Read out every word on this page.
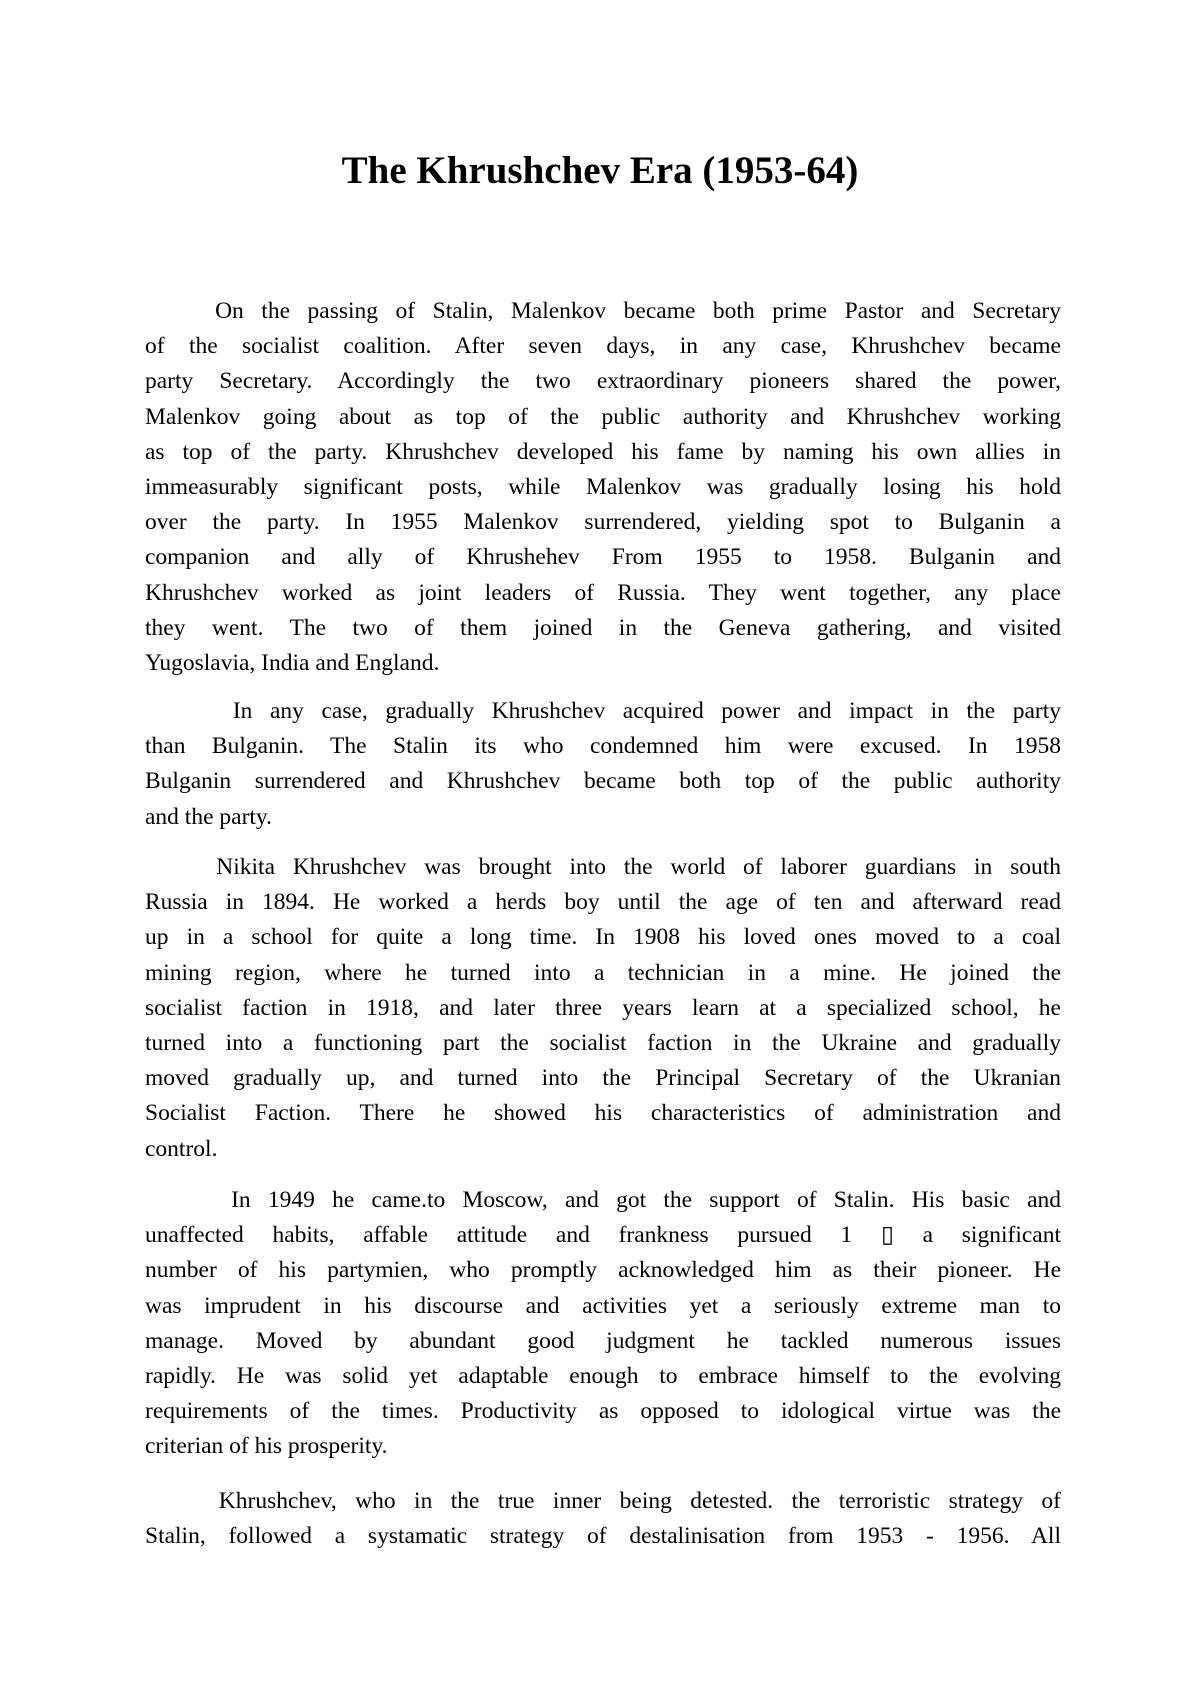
The Khrushchev Era (1953-64)
On the passing of Stalin, Malenkov became both prime Pastor and Secretary
of the socialist coalition. After seven days, in any case, Khrushchev became
party Secretary. Accordingly the two extraordinary pioneers shared the power,
Malenkov going about as top of the public authority and Khrushchev working
as top of the party. Khrushchev developed his fame by naming his own allies in
immeasurably significant posts, while Malenkov was gradually losing his hold
over the party. In 1955 Malenkov surrendered, yielding spot to Bulganin a
companion and ally of Khrushehev From 1955 to 1958. Bulganin and
Khrushchev worked as joint leaders of Russia. They went together, any place
they went. The two of them joined in the Geneva gathering, and visited
Yugoslavia, India and England.
In any case, gradually Khrushchev acquired power and impact in the party
than Bulganin. The Stalin its who condemned him were excused. In 1958
Bulganin surrendered and Khrushchev became both top of the public authority
and the party.
Nikita Khrushchev was brought into the world of laborer guardians in south
Russia in 1894. He worked a herds boy until the age of ten and afterward read
up in a school for quite a long time. In 1908 his loved ones moved to a coal
mining region, where he turned into a technician in a mine. He joined the
socialist faction in 1918, and later three years learn at a specialized school, he
turned into a functioning part the socialist faction in the Ukraine and gradually
moved gradually up, and turned into the Principal Secretary of the Ukranian
Socialist Faction. There he showed his characteristics of administration and
control.
In 1949 he came.to Moscow, and got the support of Stalin. His basic and
unaffected habits, affable attitude and frankness pursued 1 ▯ a significant
number of his partymien, who promptly acknowledged him as their pioneer. He
was imprudent in his discourse and activities yet a seriously extreme man to
manage. Moved by abundant good judgment he tackled numerous issues
rapidly. He was solid yet adaptable enough to embrace himself to the evolving
requirements of the times. Productivity as opposed to idological virtue was the
criterian of his prosperity.
Khrushchev, who in the true inner being detested. the terroristic strategy of
Stalin, followed a systamatic strategy of destalinisation from 1953 - 1956. All
